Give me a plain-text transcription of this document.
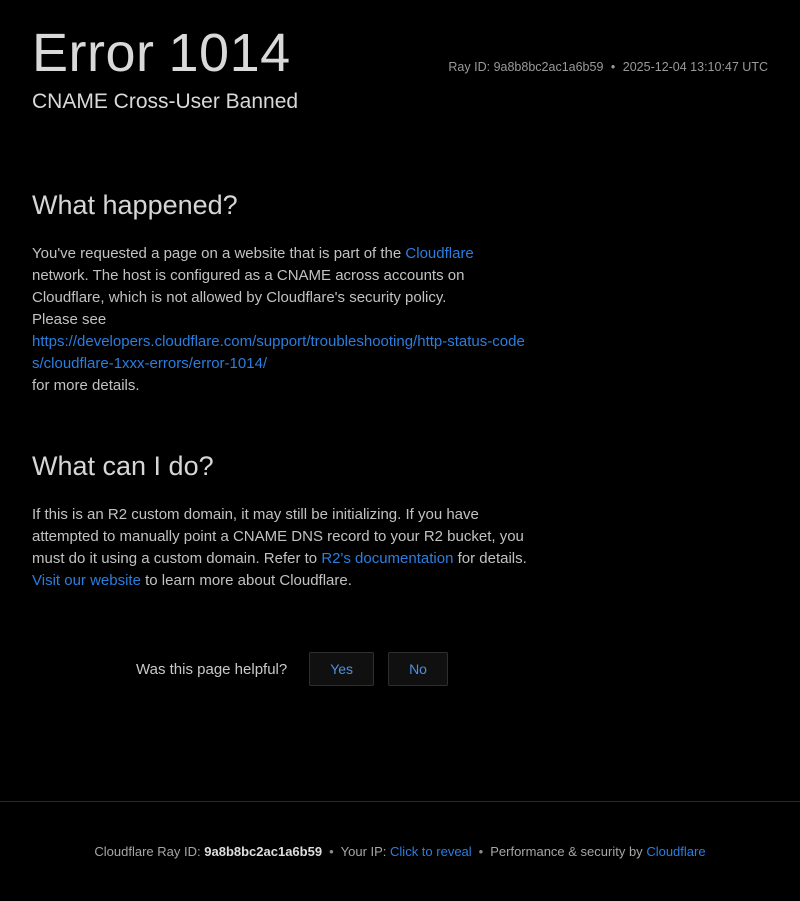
Error 1014	Ray ID: 9a8b8bc2ac1a6b59 • 2025-12-04 13:10:47 UTC
CNAME Cross-User Banned
What happened?

You've requested a page on a website that is part of the Cloudflare network. The host is configured as a CNAME across accounts on Cloudflare, which is not allowed by Cloudflare's security policy.

Please see

https://developers.cloudflare.com/support/troubleshooting/http-status-codes/cloudflare-1xxx-errors/error-1014/

for more details.

What can I do?

If this is an R2 custom domain, it may still be initializing. If you have attempted to manually point a CNAME DNS record to your R2 bucket, you must do it using a custom domain. Refer to R2's documentation for details.

Visit our website to learn more about Cloudflare.

Was this page helpful?	Yes	No
Cloudflare Ray ID:
9a8b8bc2ac1a6b59 • Your IP:
Click to reveal • Performance & security by
Cloudflare
